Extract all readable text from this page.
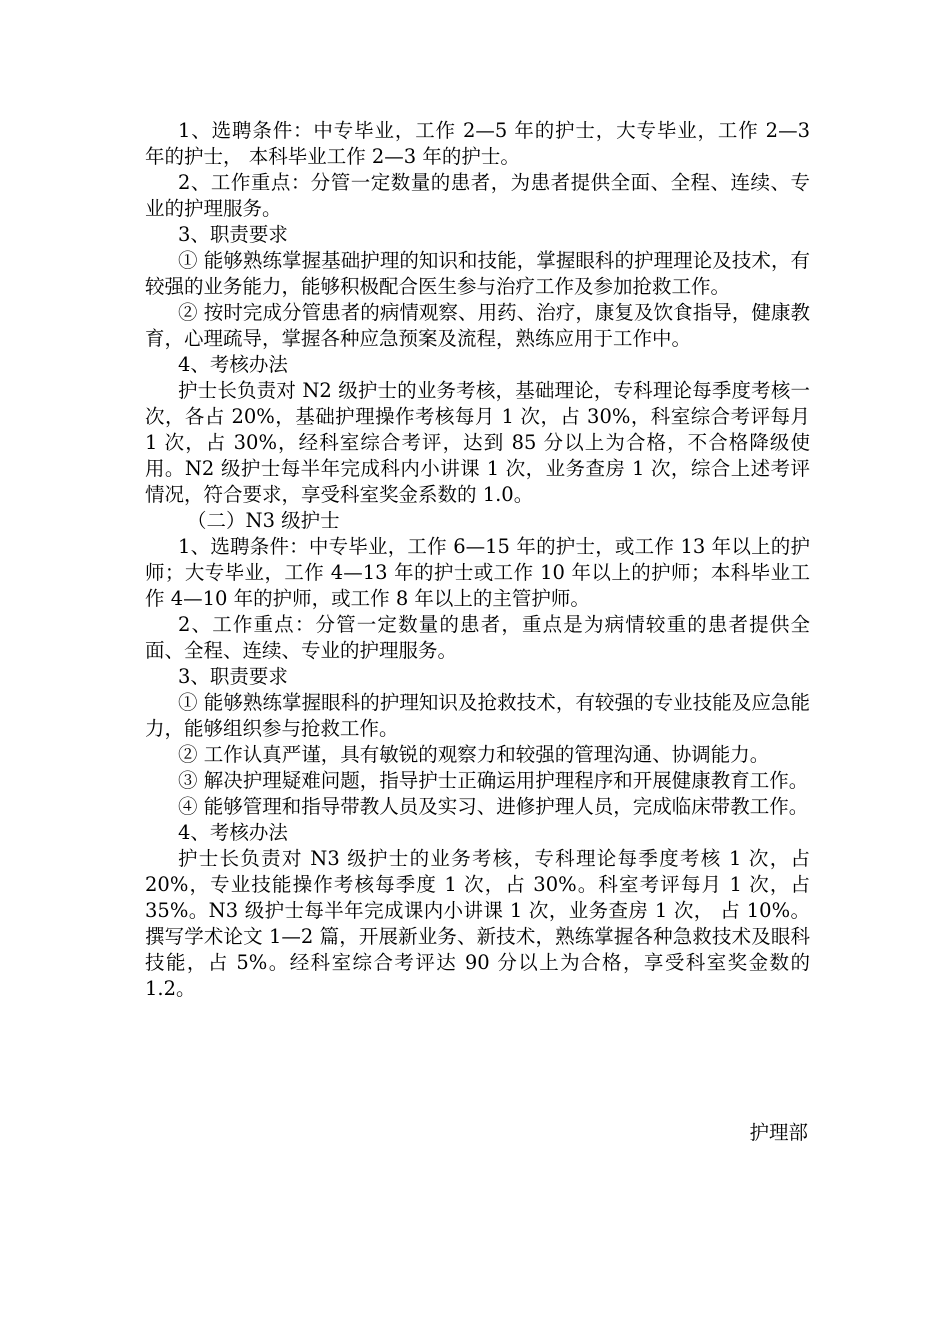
1、选聘条件：中专毕业，工作 2—5 年的护士，大专毕业，工作 2—3 年的护士， 本科毕业工作 2—3 年的护士。

2、工作重点：分管一定数量的患者，为患者提供全面、全程、连续、专业的护理服务。

3、职责要求

① 能够熟练掌握基础护理的知识和技能，掌握眼科的护理理论及技术，有较强的业务能力，能够积极配合医生参与治疗工作及参加抢救工作。

② 按时完成分管患者的病情观察、用药、治疗，康复及饮食指导，健康教育，心理疏导，掌握各种应急预案及流程，熟练应用于工作中。

4、考核办法

护士长负责对 N2 级护士的业务考核，基础理论，专科理论每季度考核一次，各占 20%，基础护理操作考核每月 1 次，占 30%，科室综合考评每月 1 次，占 30%，经科室综合考评，达到 85 分以上为合格，不合格降级使用。N2 级护士每半年完成科内小讲课 1 次，业务查房 1 次，综合上述考评情况，符合要求，享受科室奖金系数的 1.0。

（二）N3 级护士

1、选聘条件：中专毕业，工作 6—15 年的护士，或工作 13 年以上的护师；大专毕业，工作 4—13 年的护士或工作 10 年以上的护师；本科毕业工作 4—10 年的护师，或工作 8 年以上的主管护师。

2、工作重点：分管一定数量的患者，重点是为病情较重的患者提供全面、全程、连续、专业的护理服务。

3、职责要求

① 能够熟练掌握眼科的护理知识及抢救技术，有较强的专业技能及应急能力，能够组织参与抢救工作。

② 工作认真严谨，具有敏锐的观察力和较强的管理沟通、协调能力。

③ 解决护理疑难问题，指导护士正确运用护理程序和开展健康教育工作。

④ 能够管理和指导带教人员及实习、进修护理人员，完成临床带教工作。

4、考核办法

护士长负责对 N3 级护士的业务考核，专科理论每季度考核 1 次，占 20%，专业技能操作考核每季度 1 次，占 30%。科室考评每月 1 次，占 35%。N3 级护士每半年完成课内小讲课 1 次，业务查房 1 次， 占 10%。撰写学术论文 1—2 篇，开展新业务、新技术，熟练掌握各种急救技术及眼科技能，占 5%。经科室综合考评达 90 分以上为合格，享受科室奖金数的 1.2。

护理部
